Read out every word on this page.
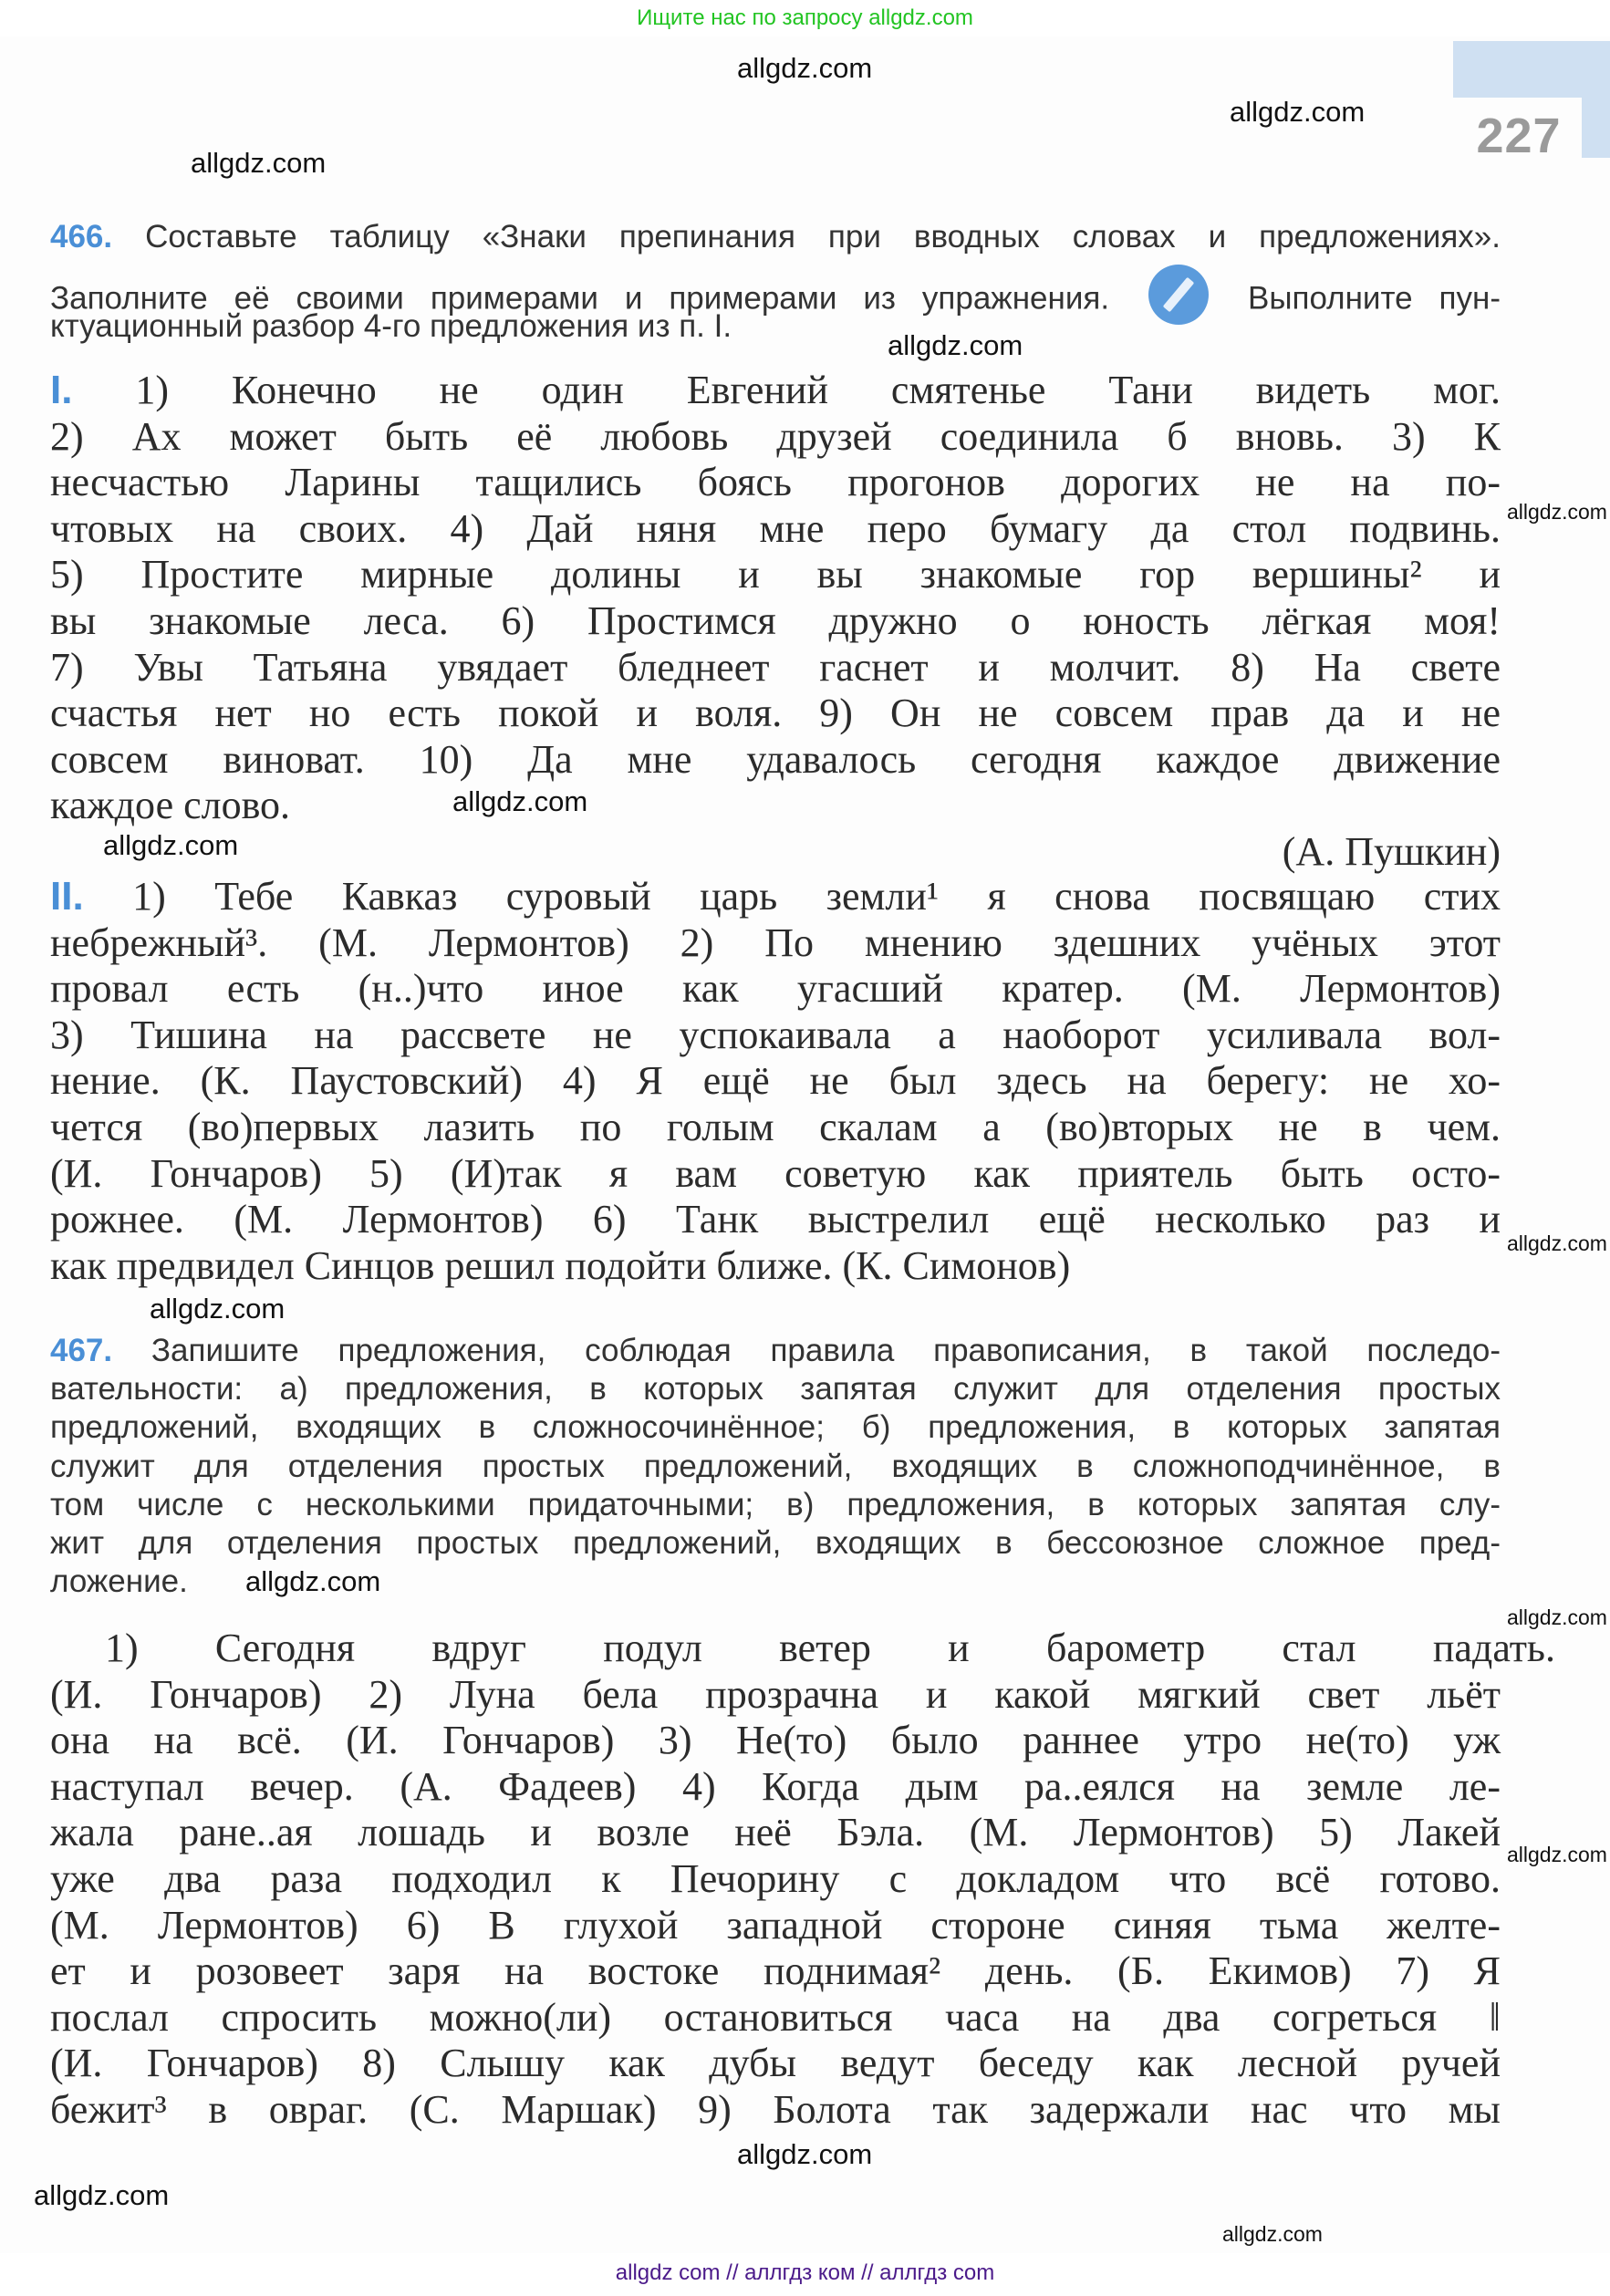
Ищите нас по запросу allgdz.com
227
466. Составьте таблицу «Знаки препинания при вводных словах и предложениях».
Заполните её своими примерами и примерами из упражнения.	Выполните пун-
ктуационный разбор 4-го предложения из п. I.
I. 1) Конечно не один Евгений смятенье Тани видеть мог.
2) Ах может быть её любовь друзей соединила б вновь. 3) К
несчастью Ларины тащились боясь прогонов дорогих не на по-
чтовых на своих. 4) Дай няня мне перо бумагу да стол подвинь.
5) Простите мирные долины и вы знакомые гор вершины² и
вы знакомые леса. 6) Простимся дружно о юность лёгкая моя!
7) Увы Татьяна увядает бледнеет гаснет и молчит. 8) На свете
счастья нет но есть покой и воля. 9) Он не совсем прав да и не
совсем виноват. 10) Да мне удавалось сегодня каждое движение
каждое слово.
(А. Пушкин)
II. 1) Тебе Кавказ суровый царь земли¹ я снова посвящаю стих
небрежный³. (М. Лермонтов) 2) По мнению здешних учёных этот
провал есть (н..)что иное как угасший кратер. (М. Лермонтов)
3) Тишина на рассвете не успокаивала а наоборот усиливала вол-
нение. (К. Паустовский) 4) Я ещё не был здесь на берегу: не хо-
чется (во)первых лазить по голым скалам а (во)вторых не в чем.
(И. Гончаров) 5) (И)так я вам советую как приятель быть осто-
рожнее. (М. Лермонтов) 6) Танк выстрелил ещё несколько раз и
как предвидел Синцов решил подойти ближе. (К. Симонов)
467. Запишите предложения, соблюдая правила правописания, в такой последо-
вательности: а) предложения, в которых запятая служит для отделения простых
предложений, входящих в сложносочинённое; б) предложения, в которых запятая
служит для отделения простых предложений, входящих в сложноподчинённое, в
том числе с несколькими придаточными; в) предложения, в которых запятая слу-
жит для отделения простых предложений, входящих в бессоюзное сложное пред-
ложение.
1) Сегодня вдруг подул ветер и барометр стал падать.
(И. Гончаров) 2) Луна бела прозрачна и какой мягкий свет льёт
она на всё. (И. Гончаров) 3) Не(то) было раннее утро не(то) уж
наступал вечер. (А. Фадеев) 4) Когда дым ра..еялся на земле ле-
жала ране..ая лошадь и возле неё Бэла. (М. Лермонтов) 5) Лакей
уже два раза подходил к Печорину с докладом что всё готово.
(М. Лермонтов) 6) В глухой западной стороне синяя тьма желте-
ет и розовеет заря на востоке поднимая² день. (Б. Екимов) 7) Я
послал спросить можно(ли) остановиться часа на два согреться ‖
(И. Гончаров) 8) Слышу как дубы ведут беседу как лесной ручей
бежит³ в овраг. (С. Маршак) 9) Болота так задержали нас что мы
allgdz.com
allgdz.com
allgdz.com
allgdz.com
allgdz.com
allgdz.com
allgdz.com
allgdz.com
allgdz.com
allgdz.com
allgdz.com
allgdz.com
allgdz.com
allgdz.com
allgdz.com
allgdz com // аллгдз ком // аллгдз com
